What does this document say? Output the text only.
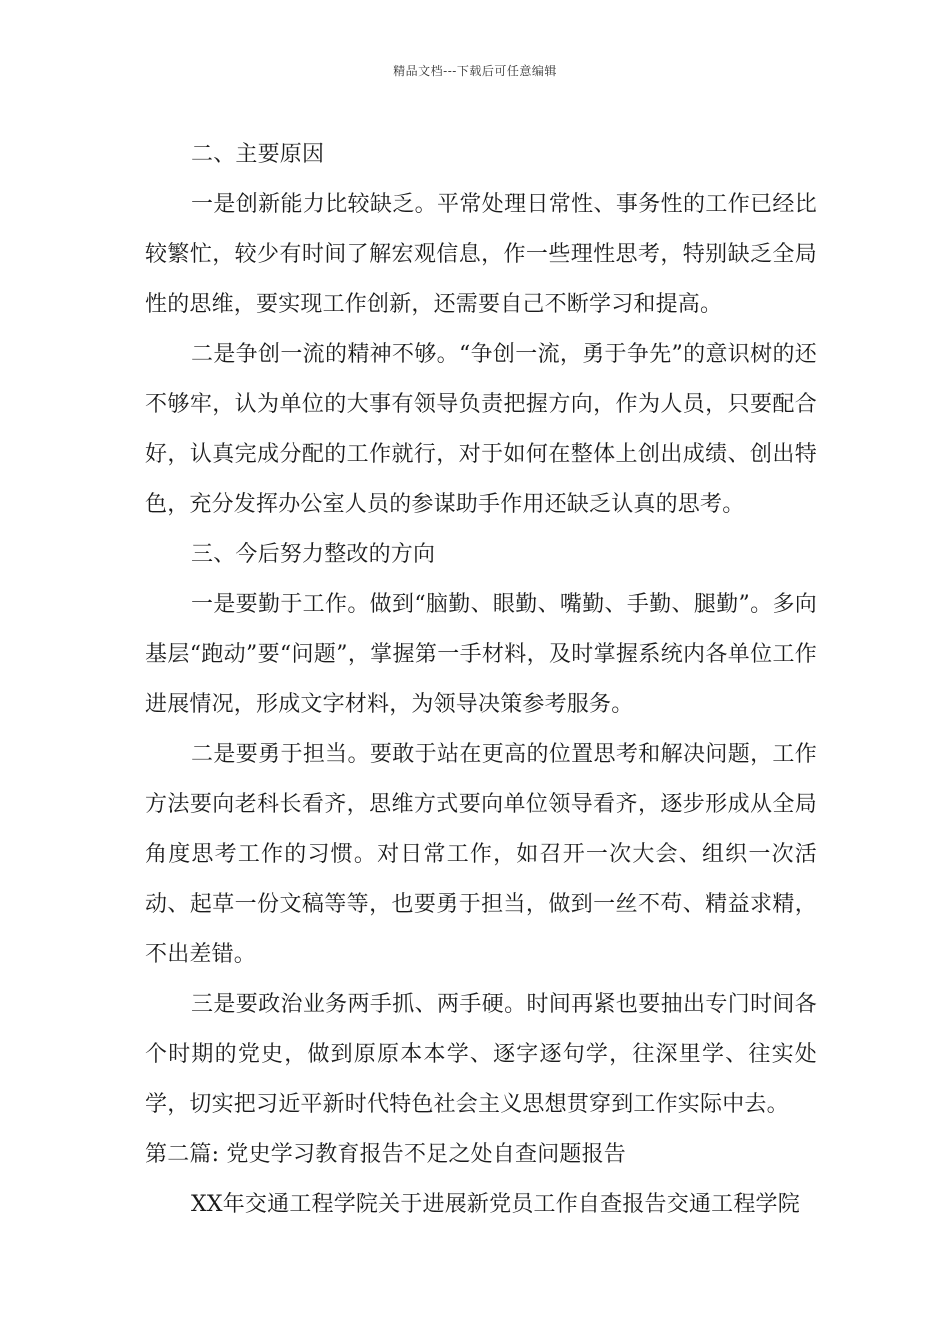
精品文档---下载后可任意编辑

二、主要原因

一是创新能力比较缺乏。平常处理日常性、事务性的工作已经比较繁忙，较少有时间了解宏观信息，作一些理性思考，特别缺乏全局性的思维，要实现工作创新，还需要自己不断学习和提高。

二是争创一流的精神不够。“争创一流，勇于争先”的意识树的还不够牢，认为单位的大事有领导负责把握方向，作为人员，只要配合好，认真完成分配的工作就行，对于如何在整体上创出成绩、创出特色，充分发挥办公室人员的参谋助手作用还缺乏认真的思考。

三、今后努力整改的方向

一是要勤于工作。做到“脑勤、眼勤、嘴勤、手勤、腿勤”。多向基层“跑动”要“问题”，掌握第一手材料，及时掌握系统内各单位工作进展情况，形成文字材料，为领导决策参考服务。

二是要勇于担当。要敢于站在更高的位置思考和解决问题，工作方法要向老科长看齐，思维方式要向单位领导看齐，逐步形成从全局角度思考工作的习惯。对日常工作，如召开一次大会、组织一次活动、起草一份文稿等等，也要勇于担当，做到一丝不苟、精益求精，不出差错。

三是要政治业务两手抓、两手硬。时间再紧也要抽出专门时间各个时期的党史，做到原原本本学、逐字逐句学，往深里学、往实处学，切实把习近平新时代特色社会主义思想贯穿到工作实际中去。

第二篇: 党史学习教育报告不足之处自查问题报告

XX年交通工程学院关于进展新党员工作自查报告交通工程学院
